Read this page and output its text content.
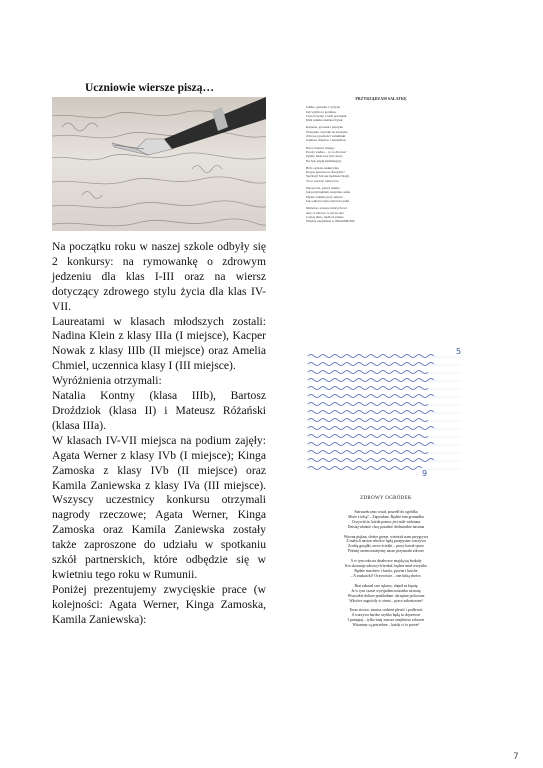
Uczniowie wiersze piszą…

Na początku roku w naszej szkole odbyły się 2 konkursy: na rymowankę o zdrowym jedzeniu dla klas I-III oraz na wiersz dotyczący zdrowego stylu życia dla klas IV-VII.

Laureatami w klasach młodszych zostali: Nadina Klein z klasy IIIa (I miejsce), Kacper Nowak z klasy IIIb (II miejsce) oraz Amelia Chmiel, uczennica klasy I (III miejsce).

Wyróżnienia otrzymali:

Natalia Kontny (klasa IIIb), Bartosz Droździok (klasa II) i Mateusz Różański (klasa IIIa).

W klasach IV-VII miejsca na podium zajęły: Agata Werner z klasy IVb (I miejsce); Kinga Zamoska z klasy IVb (II miejsce) oraz Kamila Zaniewska z klasy IVa (III miejsce). Wszyscy uczestnicy konkursu otrzymali nagrody rzeczowe; Agata Werner, Kinga Zamoska oraz Kamila Zaniewska zostały także zaproszone do udziału w spotkaniu szkół partnerskich, które odbędzie się w kwietniu tego roku w Rumunii.

Poniżej prezentujemy zwycięskie prace (w kolejności: Agata Werner, Kinga Zamoska, Kamila Zaniewska):

PRZYRZĄDZAM SAŁATKĘ
Jabłko, gruszka i cytryna
Już wybiła ta godzina,
Czas uczynić z nich porządek
Dziś sałatka zamiast frytek
Kapusta, groszek i papryka
Wszystko zrywam do koszyka
Zdrowe pyszności witaminki
Zamiast chipsów i batoników
Kiwi, banan i mango
Porcja wielka – co to dla nas?
Zjemy takie trzy lub cztery
Na bok pójdą hamburgery
Bób, ogórek, kukurydza
Kogoś potrawa ta obrzydza?
Spróbuj! Już nie będziesz błądy
Ta ta wartość odżywcza
Patrzę tata, patrzy mama
Jak przyrządzam wszystko sama
Myślę właśnie przy sałacie
Jak odkrywczyna świat na jadle
Mnóstwo zawsze dobrych rad
Aby ci zdrowo w życiu szło
Czytaj dużo, bądź na planie
Wiedzę znajdziesz w ERASMUSIE
5
9
ZDROWY OGRÓDEK
Staruszek rano wstał, poszedł do ogródka
Może z tobą? – Zapytałam. Będzie tam gromadka
Oczywiście, każda pomoc jest mile widziana
Dzisiaj właśnie chcę posadzić drobniutkie nasiona
Wiosna piękna, słońce grzeje, wietrzyk nam przygrywa
Z małych nasion wkrótce będą przepyszne warzywa
Zrobię grządki, nowe ścieżki – pracy kawał sporo
Później razem nasiejemy nasze przysmaki zdrowe
A w tym roku na działeczce znajdą się brokuły
Kto skosztuje zdrowych brokuł, będzie miał wszystko
Będzie marchew i fasola, pyszne i kruche
– A truskawki? Oczywiście – one lubią słońce.
Brat zakasał swe rękawy, złapał za łopatę
Ja w tym czasie wysypałam nasionka na matę
Wszystkie dobrze poukładane, skrzętnie policzone
Wkrótce zagościły w ziemi – prace zakończone!
Teraz siostro, musisz codzień plewić i podlewać
A warzywa bardzo szybko będą tu dojrzewać
I pamiętaj – tylko tutaj zawsze znajdziesz zdrowie
Witaminy są potrzebne – każdy ci to powie!
7
